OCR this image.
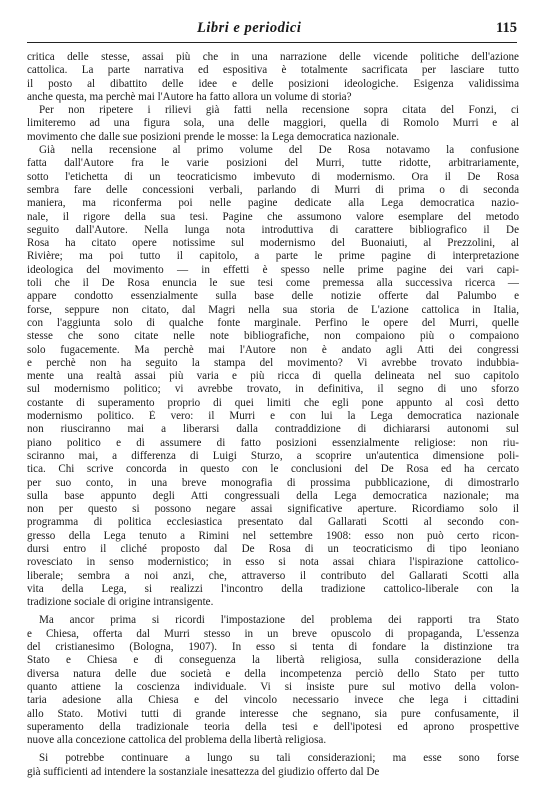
Libri e periodici	115
critica delle stesse, assai più che in una narrazione delle vicende politiche dell'azione
cattolica. La parte narrativa ed espositiva è totalmente sacrificata per lasciare tutto
il posto al dibattito delle idee e delle posizioni ideologiche. Esigenza validissima
anche questa, ma perchè mai l'Autore ha fatto allora un volume di storia?
Per non ripetere i rilievi già fatti nella recensione sopra citata del Fonzi, ci
limiteremo ad una figura sola, una delle maggiori, quella di Romolo Murri e al
movimento che dalle sue posizioni prende le mosse: la Lega democratica nazionale.
Già nella recensione al primo volume del De Rosa notavamo la confusione
fatta dall'Autore fra le varie posizioni del Murri, tutte ridotte, arbitrariamente,
sotto l'etichetta di un teocraticismo imbevuto di modernismo. Ora il De Rosa
sembra fare delle concessioni verbali, parlando di Murri di prima o di seconda
maniera, ma riconferma poi nelle pagine dedicate alla Lega democratica nazio-
nale, il rigore della sua tesi. Pagine che assumono valore esemplare del metodo
seguito dall'Autore. Nella lunga nota introduttiva di carattere bibliografico il De
Rosa ha citato opere notissime sul modernismo del Buonaiuti, al Prezzolini, al
Rivière; ma poi tutto il capitolo, a parte le prime pagine di interpretazione
ideologica del movimento — in effetti è spesso nelle prime pagine dei vari capi-
toli che il De Rosa enuncia le sue tesi come premessa alla successiva ricerca —
appare condotto essenzialmente sulla base delle notizie offerte dal Palumbo e
forse, seppure non citato, dal Magri nella sua storia de L'azione cattolica in Italia,
con l'aggiunta solo di qualche fonte marginale. Perfino le opere del Murri, quelle
stesse che sono citate nelle note bibliografiche, non compaiono più o compaiono
solo fugacemente. Ma perchè mai l'Autore non è andato agli Atti dei congressi
e perchè non ha seguito la stampa del movimento? Vi avrebbe trovato indubbia-
mente una realtà assai più varia e più ricca di quella delineata nel suo capitolo
sul modernismo politico; vi avrebbe trovato, in definitiva, il segno di uno sforzo
costante di superamento proprio di quei limiti che egli pone appunto al così detto
modernismo politico. È vero: il Murri e con lui la Lega democratica nazionale
non riusciranno mai a liberarsi dalla contraddizione di dichiararsi autonomi sul
piano politico e di assumere di fatto posizioni essenzialmente religiose: non riu-
sciranno mai, a differenza di Luigi Sturzo, a scoprire un'autentica dimensione poli-
tica. Chi scrive concorda in questo con le conclusioni del De Rosa ed ha cercato
per suo conto, in una breve monografia di prossima pubblicazione, di dimostrarlo
sulla base appunto degli Atti congressuali della Lega democratica nazionale; ma
non per questo si possono negare assai significative aperture. Ricordiamo solo il
programma di politica ecclesiastica presentato dal Gallarati Scotti al secondo con-
gresso della Lega tenuto a Rimini nel settembre 1908: esso non può certo ricon-
dursi entro il cliché proposto dal De Rosa di un teocraticismo di tipo leoniano
rovesciato in senso modernistico; in esso si nota assai chiara l'ispirazione cattolico-
liberale; sembra a noi anzi, che, attraverso il contributo del Gallarati Scotti alla
vita della Lega, si realizzi l'incontro della tradizione cattolico-liberale con la
tradizione sociale di origine intransigente.
Ma ancor prima si ricordi l'impostazione del problema dei rapporti tra Stato
e Chiesa, offerta dal Murri stesso in un breve opuscolo di propaganda, L'essenza
del cristianesimo (Bologna, 1907). In esso si tenta di fondare la distinzione tra
Stato e Chiesa e di conseguenza la libertà religiosa, sulla considerazione della
diversa natura delle due società e della incompetenza perciò dello Stato per tutto
quanto attiene la coscienza individuale. Vi si insiste pure sul motivo della volon-
taria adesione alla Chiesa e del vincolo necessario invece che lega i cittadini
allo Stato. Motivi tutti di grande interesse che segnano, sia pure confusamente, il
superamento della tradizionale teoria della tesi e dell'ipotesi ed aprono prospettive
nuove alla concezione cattolica del problema della libertà religiosa.
Si potrebbe continuare a lungo su tali considerazioni; ma esse sono forse
già sufficienti ad intendere la sostanziale inesattezza del giudizio offerto dal De
